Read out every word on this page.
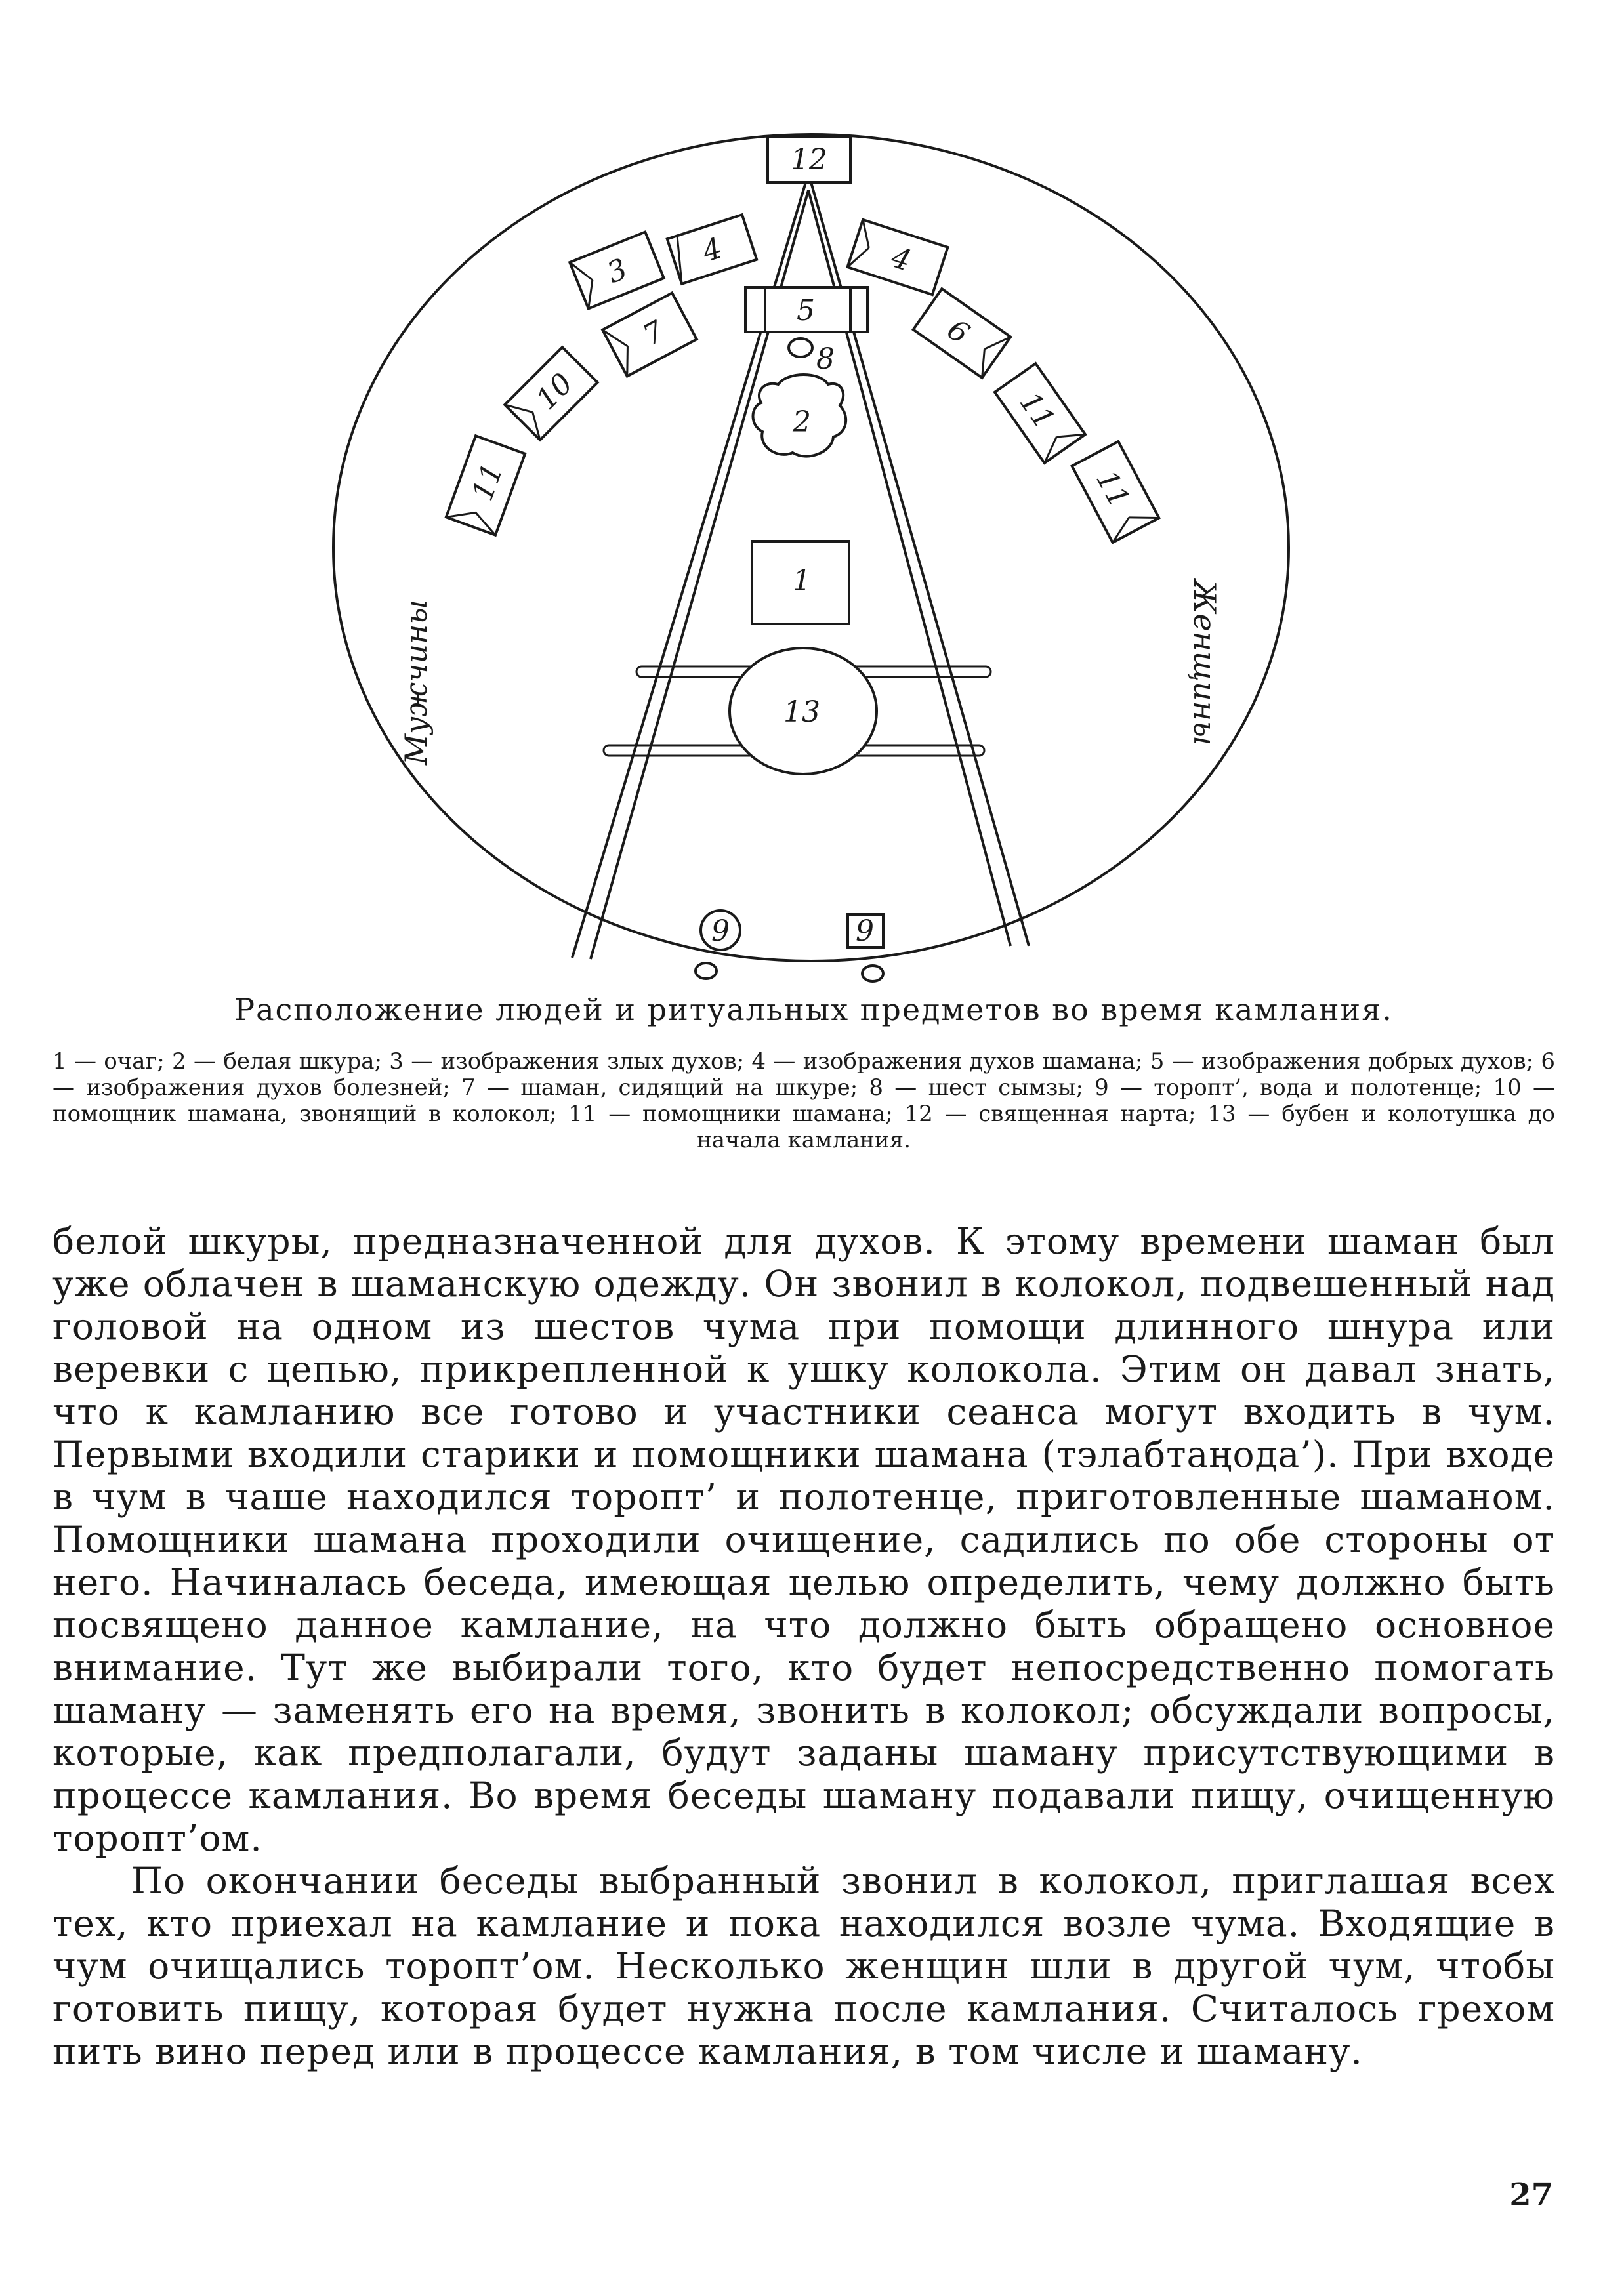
12
5
8
2
1
13
9	9
4
3
7
10
11
4
6
11
11
Мужчины	Женщины
Расположение людей и ритуальных предметов во время камлания.
1 — очаг; 2 — белая шкура; 3 — изображения злых духов; 4 — изображения духов шамана; 5 — изображения добрых духов; 6 — изображения духов болезней; 7 — шаман, сидящий на шкуре; 8 — шест сымзы; 9 — торопт’, вода и полотенце; 10 — помощник шамана, звонящий в колокол; 11 — помощники шамана; 12 — священная нарта; 13 — бубен и колотушка до начала камлания.

белой шкуры, предназначенной для духов. К этому времени шаман был уже облачен в шаманскую одежду. Он звонил в колокол, подвешенный над головой на одном из шестов чума при помощи длинного шнура или веревки с цепью, прикрепленной к ушку колокола. Этим он давал знать, что к камланию все готово и участники сеанса могут входить в чум. Первыми входили старики и помощники шамана (тэлабтаңода’). При входе в чум в чаше находился торопт’ и полотенце, приготовленные шаманом. Помощники шамана проходили очищение, садились по обе стороны от него. Начиналась беседа, имеющая целью определить, чему должно быть посвящено данное камлание, на что должно быть обращено основное внимание. Тут же выбирали того, кто будет непосредственно помогать шаману — заменять его на время, звонить в колокол; обсуждали вопросы, которые, как предполагали, будут заданы шаману присутствующими в процессе камлания. Во время беседы шаману подавали пищу, очищенную торопт’ом.

По окончании беседы выбранный звонил в колокол, приглашая всех тех, кто приехал на камлание и пока находился возле чума. Входящие в чум очищались торопт’ом. Несколько женщин шли в другой чум, чтобы готовить пищу, которая будет нужна после камлания. Считалось грехом пить вино перед или в процессе камлания, в том числе и шаману.

27
